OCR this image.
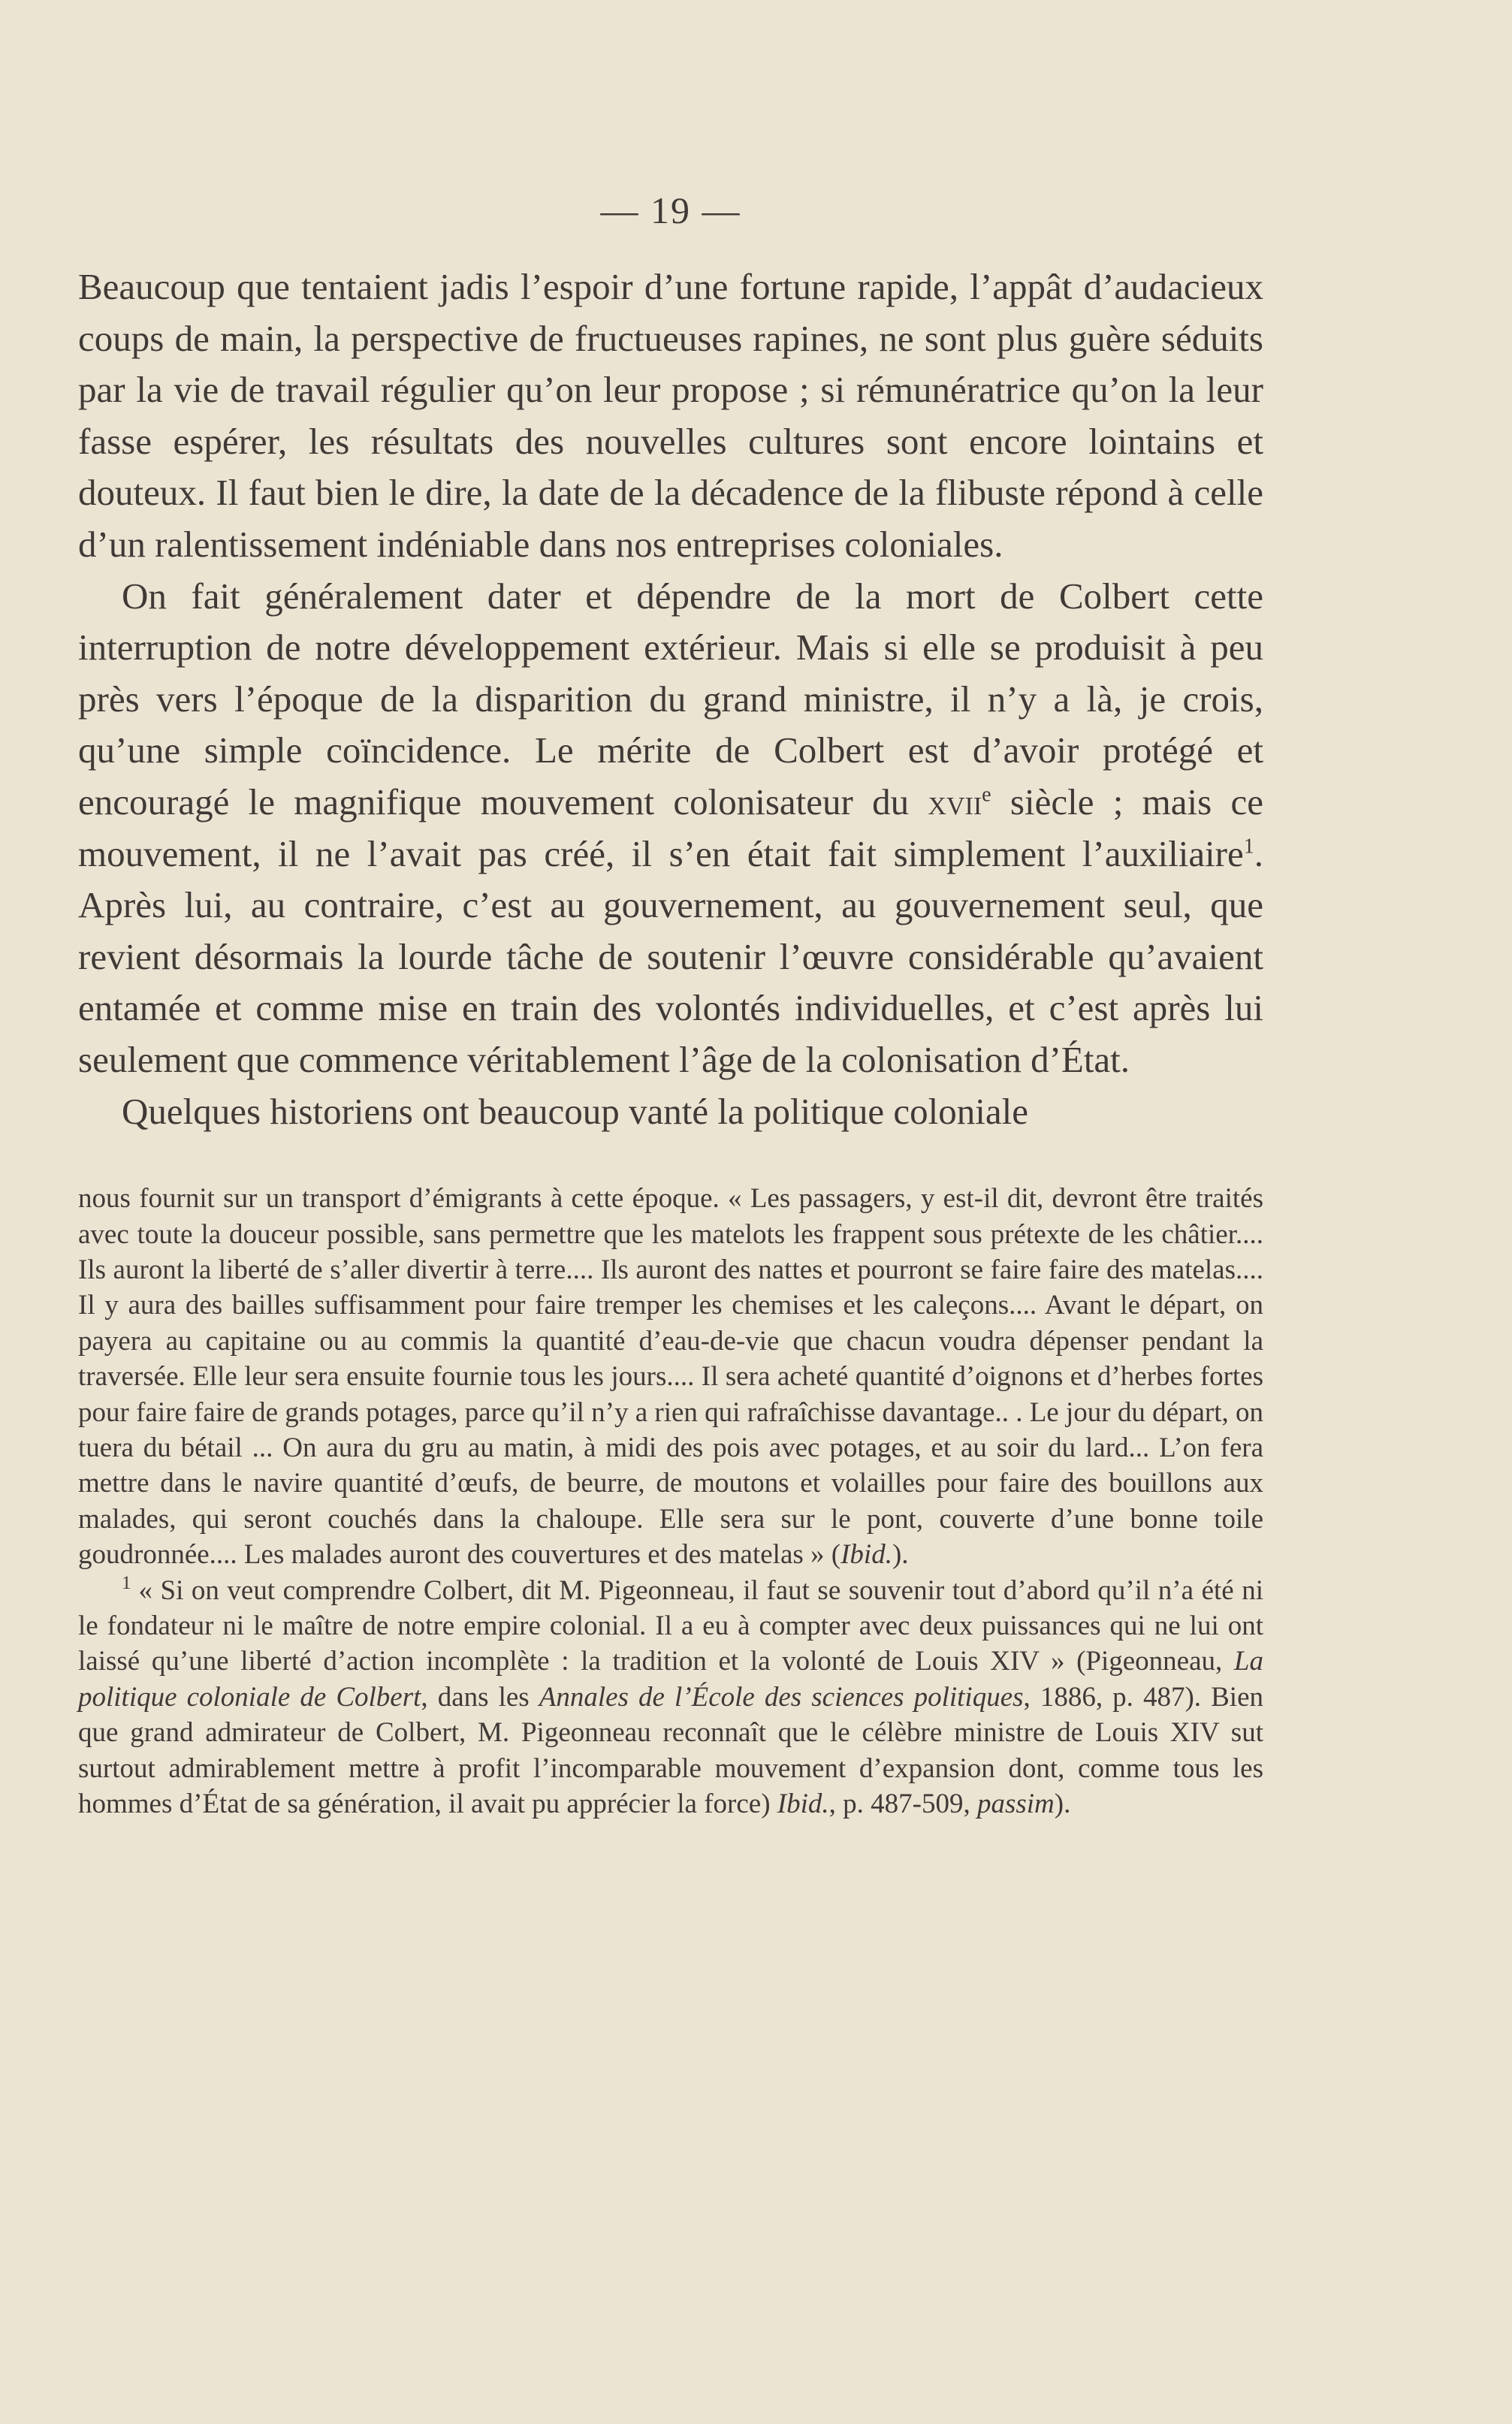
— 19 —

Beaucoup que tentaient jadis l’espoir d’une fortune rapide, l’appât d’audacieux coups de main, la perspective de fructueuses rapines, ne sont plus guère séduits par la vie de travail régulier qu’on leur propose ; si rémunératrice qu’on la leur fasse espérer, les résultats des nouvelles cultures sont encore lointains et douteux. Il faut bien le dire, la date de la décadence de la flibuste répond à celle d’un ralentissement indéniable dans nos entreprises coloniales.

On fait généralement dater et dépendre de la mort de Colbert cette interruption de notre développement extérieur. Mais si elle se produisit à peu près vers l’époque de la disparition du grand ministre, il n’y a là, je crois, qu’une simple coïncidence. Le mérite de Colbert est d’avoir protégé et encouragé le magnifique mouvement colonisateur du xvii$^e$ siècle ; mais ce mouvement, il ne l’avait pas créé, il s’en était fait simplement l’auxiliaire$^1$. Après lui, au contraire, c’est au gouvernement, au gouvernement seul, que revient désormais la lourde tâche de soutenir l’œuvre considérable qu’avaient entamée et comme mise en train des volontés individuelles, et c’est après lui seulement que commence véritablement l’âge de la colonisation d’État.

Quelques historiens ont beaucoup vanté la politique coloniale

nous fournit sur un transport d’émigrants à cette époque. « Les passagers, y est-il dit, devront être traités avec toute la douceur possible, sans permettre que les matelots les frappent sous prétexte de les châtier.... Ils auront la liberté de s’aller divertir à terre.... Ils auront des nattes et pourront se faire faire des matelas.... Il y aura des bailles suffisamment pour faire tremper les chemises et les caleçons.... Avant le départ, on payera au capitaine ou au commis la quantité d’eau-de-vie que chacun voudra dépenser pendant la traversée. Elle leur sera ensuite fournie tous les jours.... Il sera acheté quantité d’oignons et d’herbes fortes pour faire faire de grands potages, parce qu’il n’y a rien qui rafraîchisse davantage.. . Le jour du départ, on tuera du bétail ... On aura du gru au matin, à midi des pois avec potages, et au soir du lard... L’on fera mettre dans le navire quantité d’œufs, de beurre, de moutons et volailles pour faire des bouillons aux malades, qui seront couchés dans la chaloupe. Elle sera sur le pont, couverte d’une bonne toile goudronnée.... Les malades auront des couvertures et des matelas » (Ibid.).

$^1$ « Si on veut comprendre Colbert, dit M. Pigeonneau, il faut se souvenir tout d’abord qu’il n’a été ni le fondateur ni le maître de notre empire colonial. Il a eu à compter avec deux puissances qui ne lui ont laissé qu’une liberté d’action incomplète : la tradition et la volonté de Louis XIV » (Pigeonneau, La politique coloniale de Colbert, dans les Annales de l’École des sciences politiques, 1886, p. 487). Bien que grand admirateur de Colbert, M. Pigeonneau reconnaît que le célèbre ministre de Louis XIV sut surtout admirablement mettre à profit l’incomparable mouvement d’expansion dont, comme tous les hommes d’État de sa génération, il avait pu apprécier la force) Ibid., p. 487-509, passim).
